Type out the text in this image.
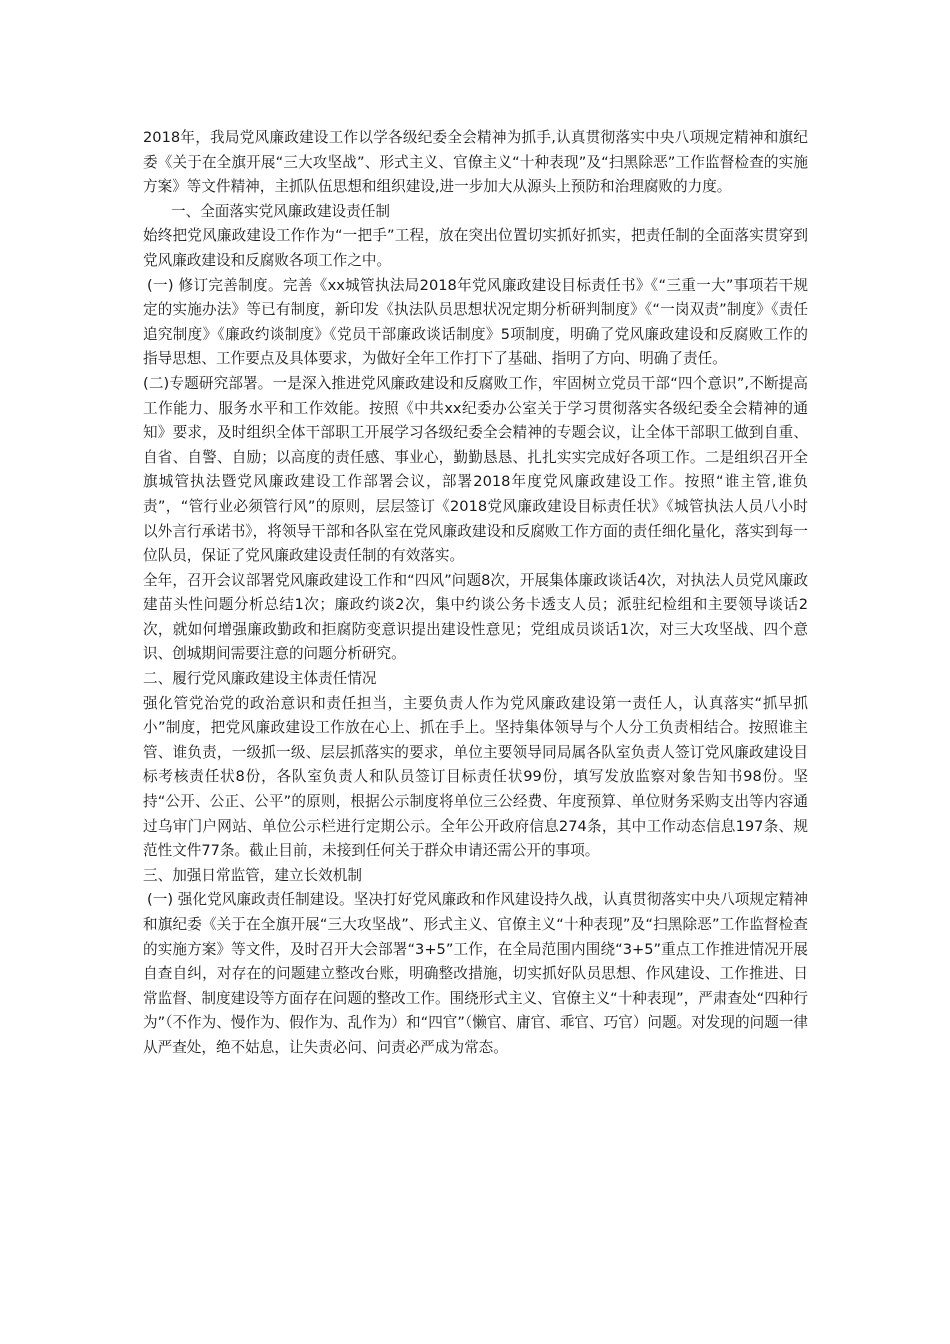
2018年，我局党风廉政建设工作以学各级纪委全会精神为抓手,认真贯彻落实中央八项规定精神和旗纪委《关于在全旗开展“三大攻坚战”、形式主义、官僚主义“十种表现”及“扫黑除恶”工作监督检查的实施方案》等文件精神，主抓队伍思想和组织建设,进一步加大从源头上预防和治理腐败的力度。

一、全面落实党风廉政建设责任制

始终把党风廉政建设工作作为“一把手”工程，放在突出位置切实抓好抓实，把责任制的全面落实贯穿到党风廉政建设和反腐败各项工作之中。

(一) 修订完善制度。完善《xx城管执法局2018年党风廉政建设目标责任书》《“三重一大”事项若干规定的实施办法》等已有制度，新印发《执法队员思想状况定期分析研判制度》《“一岗双责”制度》《责任追究制度》《廉政约谈制度》《党员干部廉政谈话制度》5项制度，明确了党风廉政建设和反腐败工作的指导思想、工作要点及具体要求，为做好全年工作打下了基础、指明了方向、明确了责任。

(二)专题研究部署。一是深入推进党风廉政建设和反腐败工作，牢固树立党员干部“四个意识”,不断提高工作能力、服务水平和工作效能。按照《中共xx纪委办公室关于学习贯彻落实各级纪委全会精神的通知》要求，及时组织全体干部职工开展学习各级纪委全会精神的专题会议，让全体干部职工做到自重、自省、自警、自励；以高度的责任感、事业心，勤勤恳恳、扎扎实实完成好各项工作。二是组织召开全旗城管执法暨党风廉政建设工作部署会议，部署2018年度党风廉政建设工作。按照“谁主管,谁负责”，“管行业必须管行风”的原则，层层签订《2018党风廉政建设目标责任状》《城管执法人员八小时以外言行承诺书》，将领导干部和各队室在党风廉政建设和反腐败工作方面的责任细化量化，落实到每一位队员，保证了党风廉政建设责任制的有效落实。

全年，召开会议部署党风廉政建设工作和“四风”问题8次，开展集体廉政谈话4次，对执法人员党风廉政建苗头性问题分析总结1次；廉政约谈2次，集中约谈公务卡透支人员；派驻纪检组和主要领导谈话2次，就如何增强廉政勤政和拒腐防变意识提出建设性意见；党组成员谈话1次，对三大攻坚战、四个意识、创城期间需要注意的问题分析研究。

二、履行党风廉政建设主体责任情况

强化管党治党的政治意识和责任担当，主要负责人作为党风廉政建设第一责任人，认真落实“抓早抓小”制度，把党风廉政建设工作放在心上、抓在手上。坚持集体领导与个人分工负责相结合。按照谁主管、谁负责，一级抓一级、层层抓落实的要求，单位主要领导同局属各队室负责人签订党风廉政建设目标考核责任状8份，各队室负责人和队员签订目标责任状99份，填写发放监察对象告知书98份。坚持“公开、公正、公平”的原则，根据公示制度将单位三公经费、年度预算、单位财务采购支出等内容通过乌审门户网站、单位公示栏进行定期公示。全年公开政府信息274条，其中工作动态信息197条、规范性文件77条。截止目前，未接到任何关于群众申请还需公开的事项。

三、加强日常监管，建立长效机制

(一) 强化党风廉政责任制建设。坚决打好党风廉政和作风建设持久战，认真贯彻落实中央八项规定精神和旗纪委《关于在全旗开展“三大攻坚战”、形式主义、官僚主义“十种表现”及“扫黑除恶”工作监督检查的实施方案》等文件，及时召开大会部署“3+5”工作，在全局范围内围绕“3+5”重点工作推进情况开展自查自纠，对存在的问题建立整改台账，明确整改措施，切实抓好队员思想、作风建设、工作推进、日常监督、制度建设等方面存在问题的整改工作。围绕形式主义、官僚主义“十种表现”，严肃查处“四种行为”（不作为、慢作为、假作为、乱作为）和“四官”（懒官、庸官、乖官、巧官）问题。对发现的问题一律从严查处，绝不姑息，让失责必问、问责必严成为常态。
